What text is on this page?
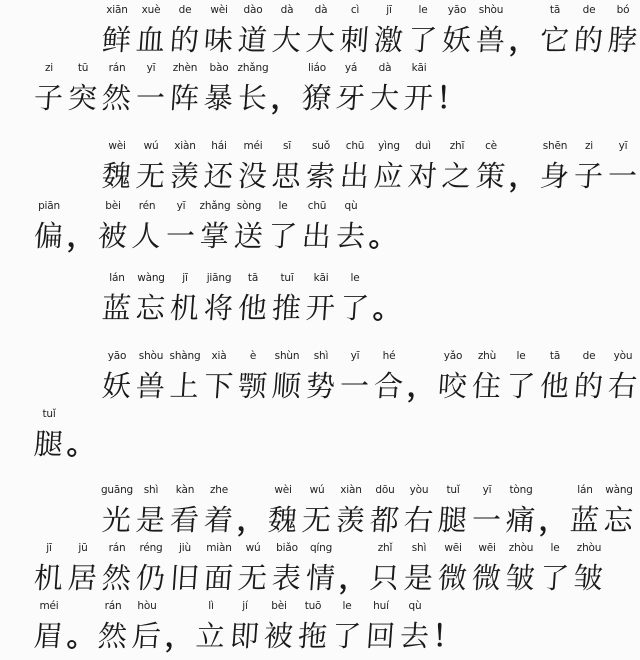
xiān
鲜
xuè
血
de
的
wèi
味
dào
道
dà
大
dà
大
cì
刺
jī
激
le
了
yāo
妖
shòu
兽 ，
tā
它
de
的
bó
脖
zi
子
tū
突
rán
然
yī
一
zhèn
阵
bào
暴
zhǎng
长 ，
liáo
獠
yá
牙
dà
大
kāi
开 ！
wèi
魏
wú
无
xiàn
羡
hái
还
méi
没
sī
思
suǒ
索
chū
出
yìng
应
duì
对
zhī
之
cè
策 ，
shēn
身
zi
子
yī
一
piān
偏 ，
bèi
被
rén
人
yī
一
zhǎng
掌
sòng
送
le
了
chū
出
qù
去 。
lán
蓝
wàng
忘
jī
机
jiāng
将
tā
他
tuī
推
kāi
开
le
了 。
yāo
妖
shòu
兽
shàng
上
xià
下
è
颚
shùn
顺
shì
势
yī
一
hé
合 ，
yǎo
咬
zhù
住
le
了
tā
他
de
的
yòu
右
tuǐ
腿 。
guāng
光
shì
是
kàn
看
zhe
着 ，
wèi
魏
wú
无
xiàn
羡
dōu
都
yòu
右
tuǐ
腿
yī
一
tòng
痛 ，
lán
蓝
wàng
忘
jī
机
jū
居
rán
然
réng
仍
jiù
旧
miàn
面
wú
无
biǎo
表
qíng
情 ，
zhǐ
只
shì
是
wēi
微
wēi
微
zhòu
皱
le
了
zhòu
皱
méi
眉 。
rán
然
hòu
后 ，
lì
立
jí
即
bèi
被
tuō
拖
le
了
huí
回
qù
去 ！
